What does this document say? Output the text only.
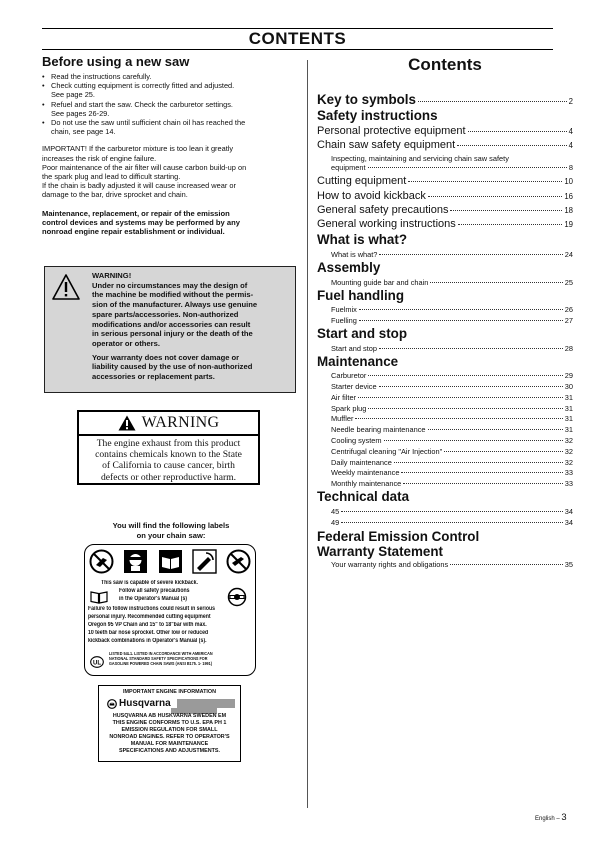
CONTENTS
Before using a new saw
• Read the instructions carefully.
• Check cutting equipment is correctly fitted and adjusted.
See page 25.
• Refuel and start the saw. Check the carburetor settings.
See pages 26-29.
• Do not use the saw until sufficient chain oil has reached the
chain, see page 14.
IMPORTANT! If the carburetor mixture is too lean it greatly
increases the risk of engine failure.
Poor maintenance of the air filter will cause carbon build-up on
the spark plug and lead to difficult starting.
If the chain is badly adjusted it will cause increased wear or
damage to the bar, drive sprocket and chain.
Maintenance, replacement, or repair of the emission
control devices and systems may be performed by any
nonroad engine repair establishment or individual.
WARNING!
Under no circumstances may the design of
the machine be modified without the permis-
sion of the manufacturer. Always use genuine
spare parts/accessories. Non-authorized
modifications and/or accessories can result
in serious personal injury or the death of the
operator or others.
Your warranty does not cover damage or
liability caused by the use of non-authorized
accessories or replacement parts.
WARNING
The engine exhaust from this product
contains chemicals known to the State
of California to cause cancer, birth
defects or other reproductive harm.
You will find the following labels
on your chain saw:
This saw is capable of severe kickback.
Follow all safety precautions
in the Operator's Manual (s)
Failure to follow instructions could result in serious
personal injury. Recommended cutting equipment
Oregon 95 VP Chain and 15" to 18"bar with max.
10 teeth bar nose sprocket. Other low or reduced
kickback combinations in Operator's Manual (s).
UL
LISTED 54L1. LISTED IN ACCORDANCE WITH AMERICAN
NATIONAL STANDARD SAFETY SPECIFICATIONS FOR
GASOLINE POWERED CHAIN SAWS (ANSI B175. 1- 1991)
IMPORTANT ENGINE INFORMATION
Husqvarna
HUSQVARNA AB HUSKVARNA SWEDEN EM
THIS ENGINE CONFORMS TO U.S. EPA PH 1
EMISSION REGULATION FOR SMALL
NONROAD ENGINES. REFER TO OPERATOR'S
MANUAL FOR MAINTENANCE
SPECIFICATIONS AND ADJUSTMENTS.
Contents
Key to symbols	2
Safety instructions
Personal protective equipment	4
Chain saw safety equipment	4
Inspecting, maintaining and servicing chain saw safety
equipment	8
Cutting equipment	10
How to avoid kickback	16
General safety precautions	18
General working instructions	19
What is what?
What is what?	24
Assembly
Mounting guide bar and chain	25
Fuel handling
Fuelmix	26
Fuelling	27
Start and stop
Start and stop	28
Maintenance
Carburetor	29
Starter device	30
Air filter	31
Spark plug	31
Muffler	31
Needle bearing maintenance	31
Cooling system	32
Centrifugal cleaning "Air Injection"	32
Daily maintenance	32
Weekly maintenance	33
Monthly maintenance	33
Technical data
45	34
49	34
Federal Emission Control
Warranty Statement
Your warranty rights and obligations	35
English – 3
